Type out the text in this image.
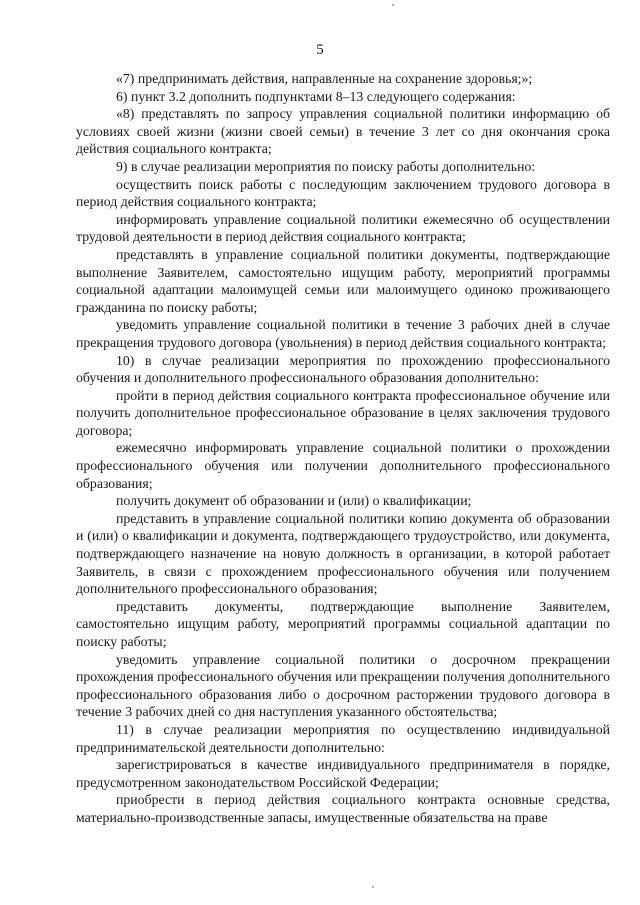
5

«7) предпринимать действия, направленные на сохранение здоровья;»;

6) пункт 3.2 дополнить подпунктами 8–13 следующего содержания:

«8) представлять по запросу управления социальной политики информацию об условиях своей жизни (жизни своей семьи) в течение 3 лет со дня окончания срока действия социального контракта;

9) в случае реализации мероприятия по поиску работы дополнительно:

осуществить поиск работы с последующим заключением трудового договора в период действия социального контракта;

информировать управление социальной политики ежемесячно об осуществлении трудовой деятельности в период действия социального контракта;

представлять в управление социальной политики документы, подтверждающие выполнение Заявителем, самостоятельно ищущим работу, мероприятий программы социальной адаптации малоимущей семьи или малоимущего одиноко проживающего гражданина по поиску работы;

уведомить управление социальной политики в течение 3 рабочих дней в случае прекращения трудового договора (увольнения) в период действия социального контракта;

10) в случае реализации мероприятия по прохождению профессионального обучения и дополнительного профессионального образования дополнительно:

пройти в период действия социального контракта профессиональное обучение или получить дополнительное профессиональное образование в целях заключения трудового договора;

ежемесячно информировать управление социальной политики о прохождении профессионального обучения или получении дополнительного профессионального образования;

получить документ об образовании и (или) о квалификации;

представить в управление социальной политики копию документа об образовании и (или) о квалификации и документа, подтверждающего трудоустройство, или документа, подтверждающего назначение на новую должность в организации, в которой работает Заявитель, в связи с прохождением профессионального обучения или получением дополнительного профессионального образования;

представить документы, подтверждающие выполнение Заявителем, самостоятельно ищущим работу, мероприятий программы социальной адаптации по поиску работы;

уведомить управление социальной политики о досрочном прекращении прохождения профессионального обучения или прекращении получения дополнительного профессионального образования либо о досрочном расторжении трудового договора в течение 3 рабочих дней со дня наступления указанного обстоятельства;

11) в случае реализации мероприятия по осуществлению индивидуальной предпринимательской деятельности дополнительно:

зарегистрироваться в качестве индивидуального предпринимателя в порядке, предусмотренном законодательством Российской Федерации;

приобрести в период действия социального контракта основные средства, материально-производственные запасы, имущественные обязательства на праве
